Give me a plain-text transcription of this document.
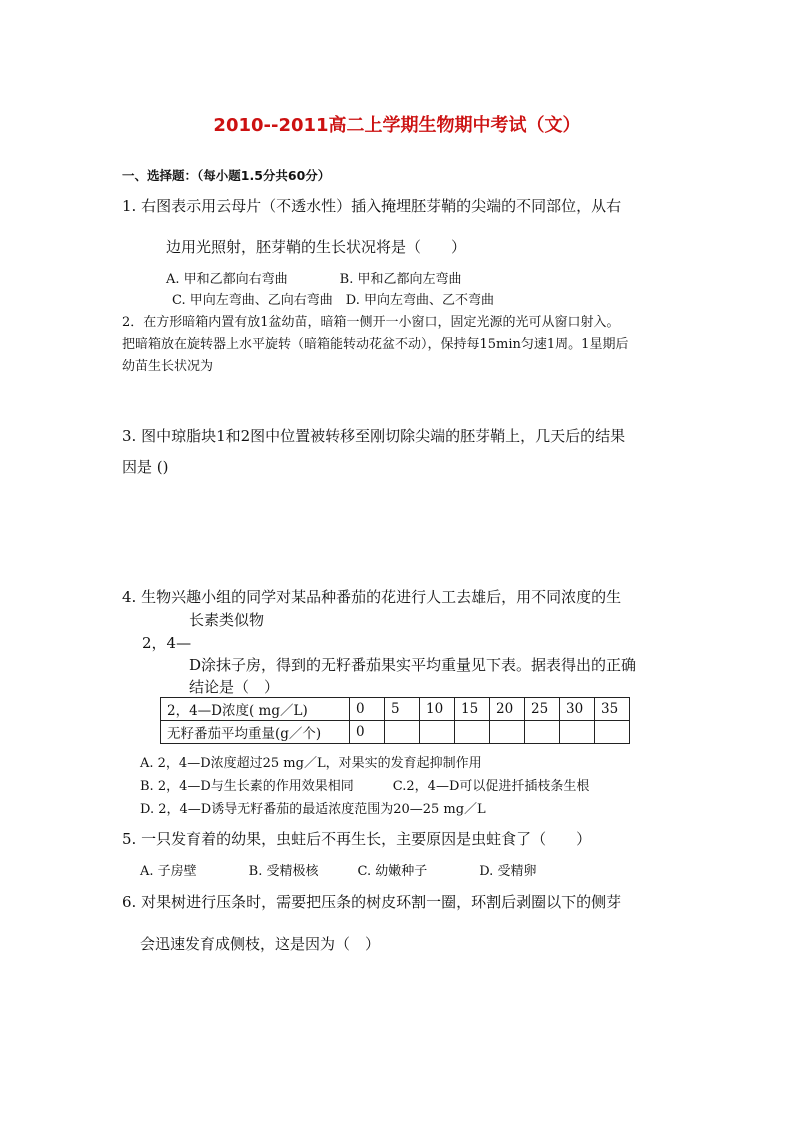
2010--2011高二上学期生物期中考试（文）
一、选择题：（每小题1.5分共60分）
1. 右图表示用云母片（不透水性）插入掩埋胚芽鞘的尖端的不同部位，从右
边用光照射，胚芽鞘的生长状况将是（　　）
A. 甲和乙都向右弯曲　　　　B. 甲和乙都向左弯曲
C. 甲向左弯曲、乙向右弯曲　D. 甲向左弯曲、乙不弯曲
2．在方形暗箱内置有放1盆幼苗，暗箱一侧开一小窗口，固定光源的光可从窗口射入。
把暗箱放在旋转器上水平旋转（暗箱能转动花盆不动），保持每15min匀速1周。1星期后
幼苗生长状况为
3. 图中琼脂块1和2图中位置被转移至刚切除尖端的胚芽鞘上，几天后的结果
因是 ()
4. 生物兴趣小组的同学对某品种番茄的花进行人工去雄后，用不同浓度的生
长素类似物
2，4—
D涂抹子房，得到的无籽番茄果实平均重量见下表。据表得出的正确
结论是（　）
2，4—D浓度( mg／L)	0	5	10	15	20	25	30	35
无籽番茄平均重量(g／个)	0							
A. 2，4—D浓度超过25 mg／L，对果实的发育起抑制作用
B. 2，4—D与生长素的作用效果相同　　　C.2，4—D可以促进扦插枝条生根
D. 2，4—D诱导无籽番茄的最适浓度范围为20—25 mg／L
5. 一只发育着的幼果，虫蛀后不再生长，主要原因是虫蛀食了（　　）
A. 子房壁　　　　B. 受精极核　　　C. 幼嫩种子　　　　D. 受精卵
6. 对果树进行压条时，需要把压条的树皮环割一圈，环割后剥圈以下的侧芽
会迅速发育成侧枝，这是因为（　）
